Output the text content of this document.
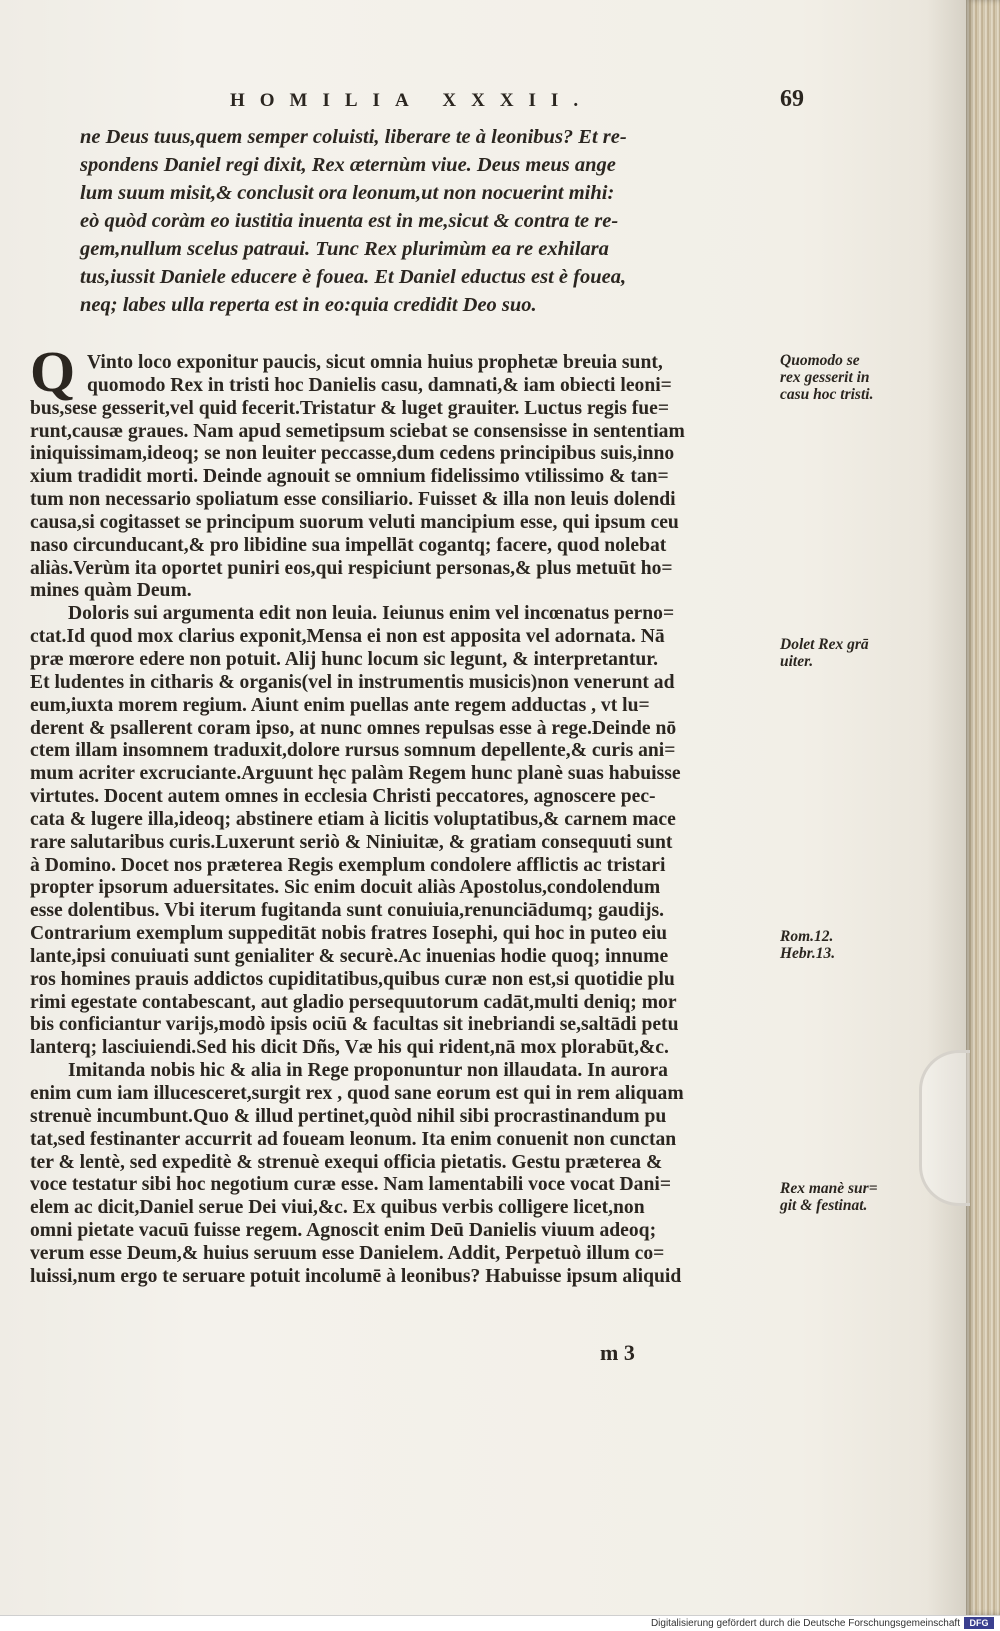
HOMILIA XXXII.	69
ne Deus tuus,quem semper coluisti, liberare te à leonibus? Et re-
spondens Daniel regi dixit, Rex æternùm viue. Deus meus ange
lum suum misit,& conclusit ora leonum,ut non nocuerint mihi:
eò quòd coràm eo iustitia inuenta est in me,sicut & contra te re-
gem,nullum scelus patraui. Tunc Rex plurimùm ea re exhilara
tus,iussit Daniele educere è fouea. Et Daniel eductus est è fouea,
neq; labes ulla reperta est in eo:quia credidit Deo suo.
Q Vinto loco exponitur paucis, sicut omnia huius prophetæ breuia sunt,
quomodo Rex in tristi hoc Danielis casu, damnati,& iam obiecti leoni=
bus,sese gesserit,vel quid fecerit.Tristatur & luget grauiter. Luctus regis fue=
runt,causæ graues. Nam apud semetipsum sciebat se consensisse in sententiam
iniquissimam,ideoq; se non leuiter peccasse,dum cedens principibus suis,inno
xium tradidit morti. Deinde agnouit se omnium fidelissimo vtilissimo & tan=
tum non necessario spoliatum esse consiliario. Fuisset & illa non leuis dolendi
causa,si cogitasset se principum suorum veluti mancipium esse, qui ipsum ceu
naso circunducant,& pro libidine sua impellāt cogantq; facere, quod nolebat
aliàs.Verùm ita oportet puniri eos,qui respiciunt personas,& plus metuūt ho=
mines quàm Deum.
Doloris sui argumenta edit non leuia. Ieiunus enim vel incœnatus perno=
ctat.Id quod mox clarius exponit,Mensa ei non est apposita vel adornata. Nā
præ mœrore edere non potuit. Alij hunc locum sic legunt, & interpretantur.
Et ludentes in citharis & organis(vel in instrumentis musicis)non venerunt ad
eum,iuxta morem regium. Aiunt enim puellas ante regem adductas , vt lu=
derent & psallerent coram ipso, at nunc omnes repulsas esse à rege.Deinde nō
ctem illam insomnem traduxit,dolore rursus somnum depellente,& curis ani=
mum acriter excruciante.Arguunt hęc palàm Regem hunc planè suas habuisse
virtutes. Docent autem omnes in ecclesia Christi peccatores, agnoscere pec-
cata & lugere illa,ideoq; abstinere etiam à licitis voluptatibus,& carnem mace
rare salutaribus curis.Luxerunt seriò & Niniuitæ, & gratiam consequuti sunt
à Domino. Docet nos præterea Regis exemplum condolere afflictis ac tristari
propter ipsorum aduersitates. Sic enim docuit aliàs Apostolus,condolendum
esse dolentibus. Vbi iterum fugitanda sunt conuiuia,renunciādumq; gaudijs.
Contrarium exemplum suppeditāt nobis fratres Iosephi, qui hoc in puteo eiu
lante,ipsi conuiuati sunt genialiter & securè.Ac inuenias hodie quoq; innume
ros homines prauis addictos cupiditatibus,quibus curæ non est,si quotidie plu
rimi egestate contabescant, aut gladio persequutorum cadāt,multi deniq; mor
bis conficiantur varijs,modò ipsis ociū & facultas sit inebriandi se,saltādi petu
lanterq; lasciuiendi.Sed his dicit Dñs, Væ his qui rident,nā mox plorabūt,&c.
Imitanda nobis hic & alia in Rege proponuntur non illaudata. In aurora
enim cum iam illucesceret,surgit rex , quod sane eorum est qui in rem aliquam
strenuè incumbunt.Quo & illud pertinet,quòd nihil sibi procrastinandum pu
tat,sed festinanter accurrit ad foueam leonum. Ita enim conuenit non cunctan
ter & lentè, sed expeditè & strenuè exequi officia pietatis. Gestu præterea &
voce testatur sibi hoc negotium curæ esse. Nam lamentabili voce vocat Dani=
elem ac dicit,Daniel serue Dei viui,&c. Ex quibus verbis colligere licet,non
omni pietate vacuū fuisse regem. Agnoscit enim Deū Danielis viuum adeoq;
verum esse Deum,& huius seruum esse Danielem. Addit, Perpetuò illum co=
luissi,num ergo te seruare potuit incolumē à leonibus? Habuisse ipsum aliquid
Quomodo se
rex gesserit in
casu hoc tristi.
Dolet Rex grā
uiter.
Rom.12.
Hebr.13.
Rex manè sur=
git & festinat.
m 3
Digitalisierung gefördert durch die Deutsche Forschungsgemeinschaft	DFG
